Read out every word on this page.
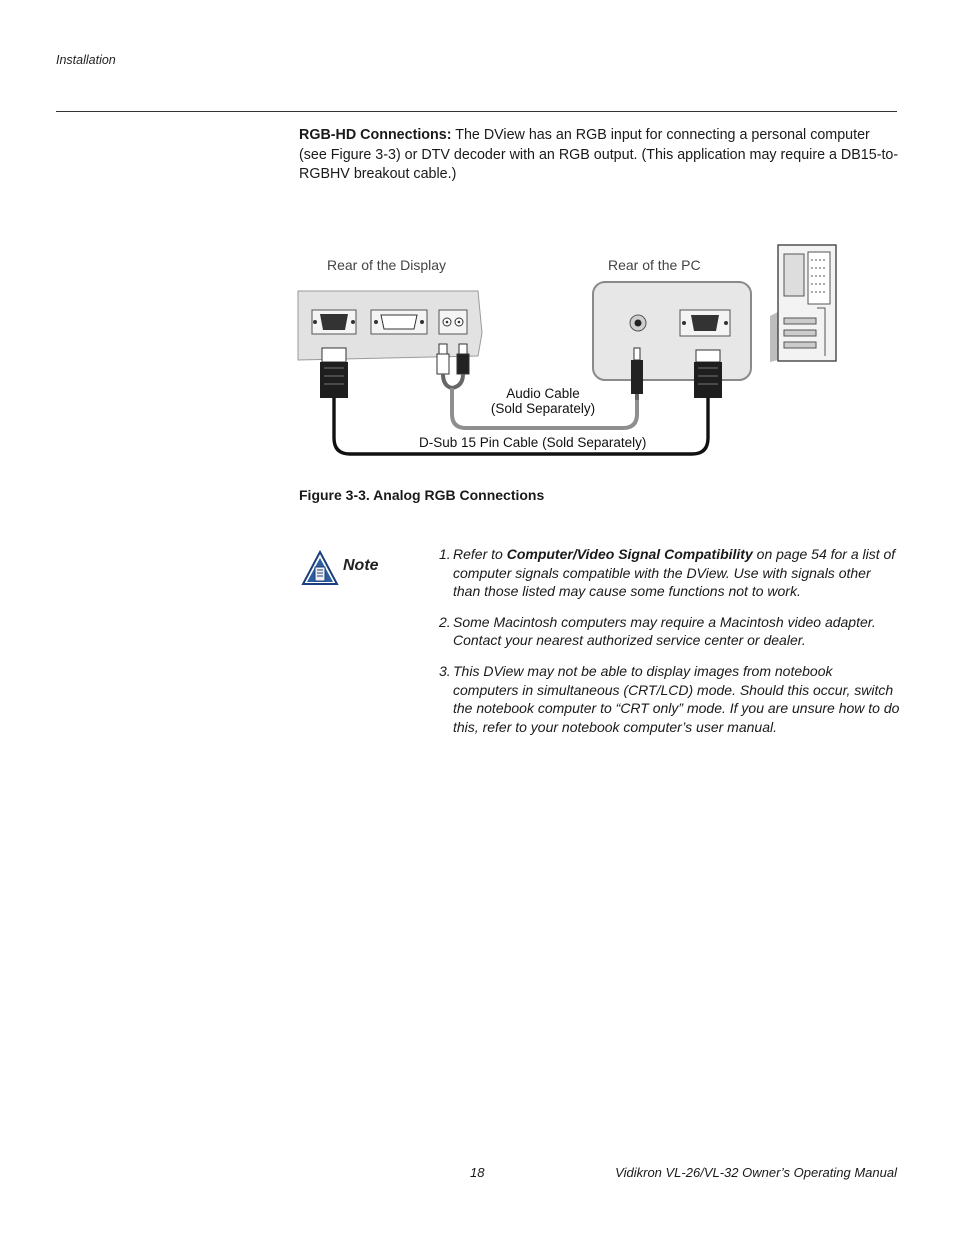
Installation

RGB-HD Connections: The DView has an RGB input for connecting a personal computer (see Figure 3-3) or DTV decoder with an RGB output. (This application may require a DB15-to-RGBHV breakout cable.)

Rear of the Display	Rear of the PC
Audio Cable
(Sold Separately)
D-Sub 15 Pin Cable (Sold Separately)
Figure 3-3. Analog RGB Connections
Note
1. Refer to Computer/Video Signal Compatibility on page 54 for a list of computer signals compatible with the DView. Use with signals other than those listed may cause some functions not to work.
2. Some Macintosh computers may require a Macintosh video adapter. Contact your nearest authorized service center or dealer.
3. This DView may not be able to display images from notebook computers in simultaneous (CRT/LCD) mode. Should this occur, switch the notebook computer to “CRT only” mode. If you are unsure how to do this, refer to your notebook computer’s user manual.
18	Vidikron VL-26/VL-32 Owner’s Operating Manual
